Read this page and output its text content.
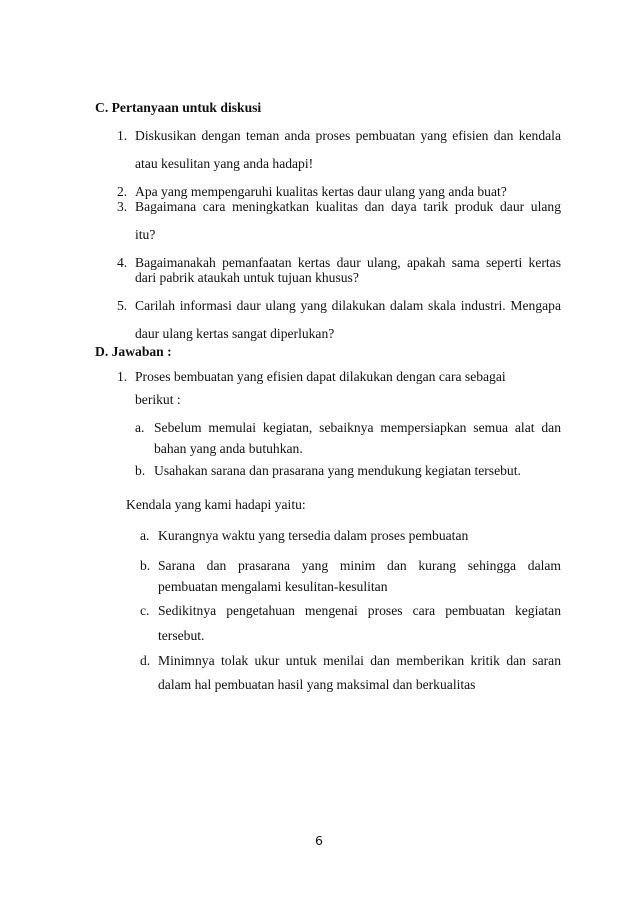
C. Pertanyaan untuk diskusi
1. Diskusikan dengan teman anda proses pembuatan yang efisien dan kendala
atau kesulitan yang anda hadapi!
2. Apa yang mempengaruhi kualitas kertas daur ulang yang anda buat?
3. Bagaimana cara meningkatkan kualitas dan daya tarik produk daur ulang
itu?
4. Bagaimanakah pemanfaatan kertas daur ulang, apakah sama seperti kertas
dari pabrik ataukah untuk tujuan khusus?
5. Carilah informasi daur ulang yang dilakukan dalam skala industri. Mengapa
daur ulang kertas sangat diperlukan?
D. Jawaban :
1. Proses bembuatan yang efisien dapat dilakukan dengan cara sebagai
berikut :
a. Sebelum memulai kegiatan, sebaiknya mempersiapkan semua alat dan
bahan yang anda butuhkan.
b. Usahakan sarana dan prasarana yang mendukung kegiatan tersebut.
Kendala yang kami hadapi yaitu:
a. Kurangnya waktu yang tersedia dalam proses pembuatan
b. Sarana dan prasarana yang minim dan kurang sehingga dalam
pembuatan mengalami kesulitan-kesulitan
c. Sedikitnya pengetahuan mengenai proses cara pembuatan kegiatan
tersebut.
d. Minimnya tolak ukur untuk menilai dan memberikan kritik dan saran
dalam hal pembuatan hasil yang maksimal dan berkualitas
6
